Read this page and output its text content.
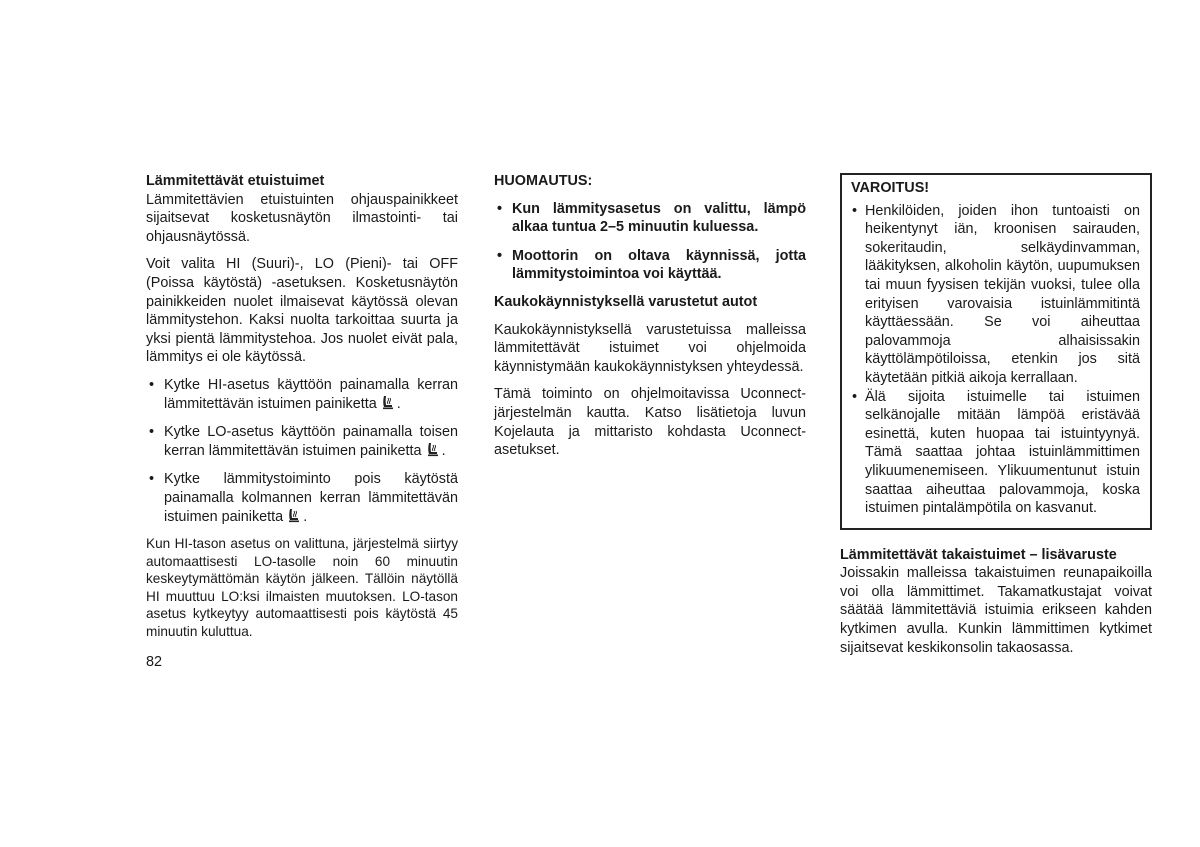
Lämmitettävät etuistuimet

Lämmitettävien etuistuinten ohjauspainikkeet sijaitsevat kosketusnäytön ilmastointi- tai ohjausnäytössä.

Voit valita HI (Suuri)-, LO (Pieni)- tai OFF (Poissa käytöstä) -asetuksen. Kosketusnäytön painikkeiden nuolet ilmaisevat käytössä olevan lämmitystehon. Kaksi nuolta tarkoittaa suurta ja yksi pientä lämmitystehoa. Jos nuolet eivät pala, lämmitys ei ole käytössä.

• Kytke HI-asetus käyttöön painamalla kerran lämmitettävän istuimen painiketta .
• Kytke LO-asetus käyttöön painamalla toisen kerran lämmitettävän istuimen painiketta .
• Kytke lämmitystoiminto pois käytöstä painamalla kolmannen kerran lämmitettävän istuimen painiketta .

Kun HI-tason asetus on valittuna, järjestelmä siirtyy automaattisesti LO-tasolle noin 60 minuutin keskeytymättömän käytön jälkeen. Tällöin näytöllä HI muuttuu LO:ksi ilmaisten muutoksen. LO-tason asetus kytkeytyy automaattisesti pois käytöstä 45 minuutin kuluttua.

HUOMAUTUS:

• Kun lämmitysasetus on valittu, lämpö alkaa tuntua 2–5 minuutin kuluessa.
• Moottorin on oltava käynnissä, jotta lämmitystoimintoa voi käyttää.

Kaukokäynnistyksellä varustetut autot

Kaukokäynnistyksellä varustetuissa malleissa lämmitettävät istuimet voi ohjelmoida käynnistymään kaukokäynnistyksen yhteydessä.

Tämä toiminto on ohjelmoitavissa Uconnect-järjestelmän kautta. Katso lisätietoja luvun Kojelauta ja mittaristo kohdasta Uconnect-asetukset.

VAROITUS!
• Henkilöiden, joiden ihon tuntoaisti on heikentynyt iän, kroonisen sairauden, sokeritaudin, selkäydinvamman, lääkityksen, alkoholin käytön, uupumuksen tai muun fyysisen tekijän vuoksi, tulee olla erityisen varovaisia istuinlämmitintä käyttäessään. Se voi aiheuttaa palovammoja alhaisissakin käyttölämpötiloissa, etenkin jos sitä käytetään pitkiä aikoja kerrallaan.
• Älä sijoita istuimelle tai istuimen selkänojalle mitään lämpöä eristävää esinettä, kuten huopaa tai istuintyynyä. Tämä saattaa johtaa istuinlämmittimen ylikuumenemiseen. Ylikuumentunut istuin saattaa aiheuttaa palovammoja, koska istuimen pintalämpötila on kasvanut.

Lämmitettävät takaistuimet – lisävaruste

Joissakin malleissa takaistuimen reunapaikoilla voi olla lämmittimet. Takamatkustajat voivat säätää lämmitettäviä istuimia erikseen kahden kytkimen avulla. Kunkin lämmittimen kytkimet sijaitsevat keskikonsolin takaosassa.

82
